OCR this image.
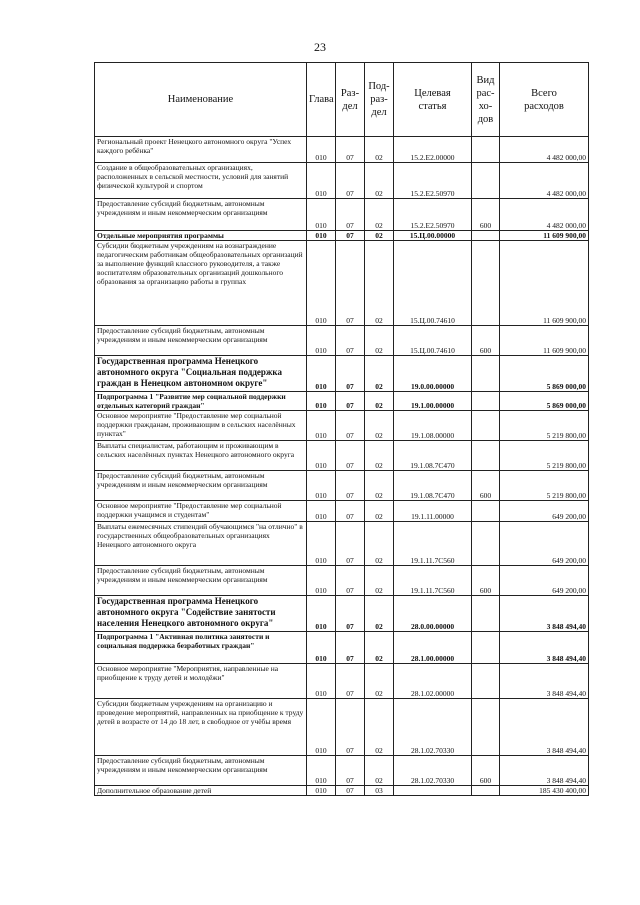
23
Наименование	Глава	Раз-
дел	Под-
раз-
дел	Целевая
статья	Вид
рас-
хо-
дов	Всего
расходов
Региональный проект Ненецкого автономного округа "Успех каждого ребёнка"	010	07	02	15.2.E2.00000		4 482 000,00
Создание в общеобразовательных организациях, расположенных в сельской местности, условий для занятий физической культурой и спортом	010	07	02	15.2.E2.50970		4 482 000,00
Предоставление субсидий бюджетным, автономным учреждениям и иным некоммерческим организациям	010	07	02	15.2.E2.50970	600	4 482 000,00
Отдельные мероприятия программы	010	07	02	15.Ц.00.00000		11 609 900,00
Субсидии бюджетным учреждениям на вознаграждение педагогическим работникам общеобразовательных организаций за выполнение функций классного руководителя, а также воспитателям образовательных организаций дошкольного образования за организацию работы в группах	010	07	02	15.Ц.00.74610		11 609 900,00
Предоставление субсидий бюджетным, автономным учреждениям и иным некоммерческим организациям	010	07	02	15.Ц.00.74610	600	11 609 900,00
Государственная программа Ненецкого автономного округа "Социальная поддержка граждан в Ненецком автономном округе"	010	07	02	19.0.00.00000		5 869 000,00
Подпрограмма 1 "Развитие мер социальной поддержки отдельных категорий граждан"	010	07	02	19.1.00.00000		5 869 000,00
Основное мероприятие "Предоставление мер социальной поддержки гражданам, проживающим в сельских населённых пунктах"	010	07	02	19.1.08.00000		5 219 800,00
Выплаты специалистам, работающим и проживающим в сельских населённых пунктах Ненецкого автономного округа	010	07	02	19.1.08.7C470		5 219 800,00
Предоставление субсидий бюджетным, автономным учреждениям и иным некоммерческим организациям	010	07	02	19.1.08.7C470	600	5 219 800,00
Основное мероприятие "Предоставление мер социальной поддержки учащимся и студентам"	010	07	02	19.1.11.00000		649 200,00
Выплаты ежемесячных стипендий обучающимся "на отлично" в государственных общеобразовательных организациях Ненецкого автономного округа	010	07	02	19.1.11.7C560		649 200,00
Предоставление субсидий бюджетным, автономным учреждениям и иным некоммерческим организациям	010	07	02	19.1.11.7C560	600	649 200,00
Государственная программа Ненецкого автономного округа "Содействие занятости населения Ненецкого автономного округа"	010	07	02	28.0.00.00000		3 848 494,40
Подпрограмма 1 "Активная политика занятости и социальная поддержка безработных граждан"	010	07	02	28.1.00.00000		3 848 494,40
Основное мероприятие "Мероприятия, направленные на приобщение к труду детей и молодёжи"	010	07	02	28.1.02.00000		3 848 494,40
Субсидии бюджетным учреждениям на организацию и проведение мероприятий, направленных на приобщение к труду детей в возрасте от 14 до 18 лет, в свободное от учёбы время	010	07	02	28.1.02.70330		3 848 494,40
Предоставление субсидий бюджетным, автономным учреждениям и иным некоммерческим организациям	010	07	02	28.1.02.70330	600	3 848 494,40
Дополнительное образование детей	010	07	03			185 430 400,00
